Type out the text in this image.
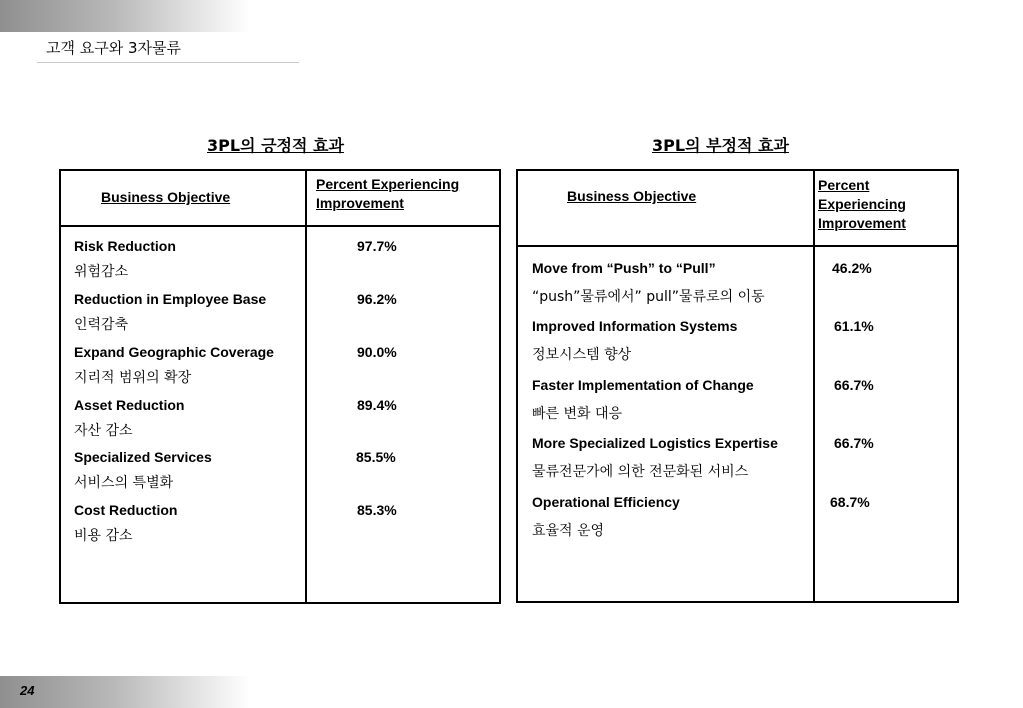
고객 요구와 3자물류
3PL의 긍정적 효과	3PL의 부정적 효과
Business Objective
Percent Experiencing
Improvement
Risk Reduction
위험감소
97.7%
Reduction in Employee Base
인력감축
96.2%
Expand Geographic Coverage
지리적 범위의 확장
90.0%
Asset Reduction
자산 감소
89.4%
Specialized Services
서비스의 특별화
85.5%
Cost Reduction
비용 감소
85.3%
Business Objective
Percent
Experiencing
Improvement
Move from “Push” to “Pull”
“push”물류에서” pull”물류로의 이동
46.2%
Improved Information Systems
정보시스템 향상
61.1%
Faster Implementation of Change
빠른 변화 대응
66.7%
More Specialized Logistics Expertise
물류전문가에 의한 전문화된 서비스
66.7%
Operational Efficiency
효율적 운영
68.7%
24
